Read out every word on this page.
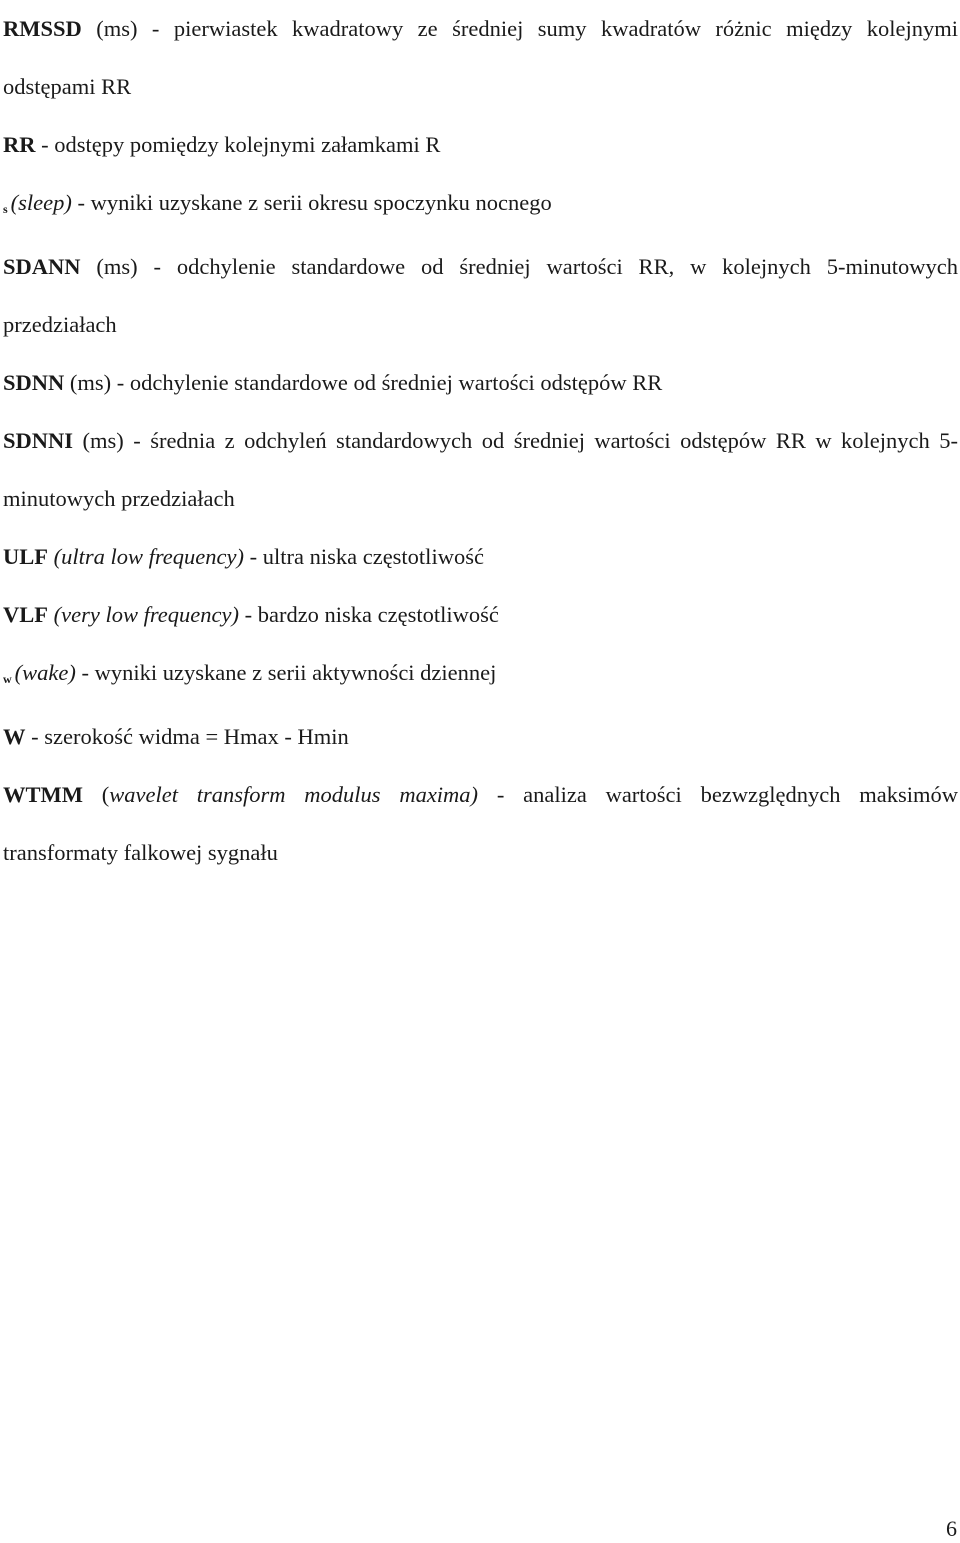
RMSSD (ms) - pierwiastek kwadratowy ze średniej sumy kwadratów różnic między kolejnymi odstępami RR
RR - odstępy pomiędzy kolejnymi załamkami R
$_s$ (sleep) - wyniki uzyskane z serii okresu spoczynku nocnego
SDANN (ms) - odchylenie standardowe od średniej wartości RR, w kolejnych 5-minutowych przedziałach
SDNN (ms) - odchylenie standardowe od średniej wartości odstępów RR
SDNNI (ms) - średnia z odchyleń standardowych od średniej wartości odstępów RR w kolejnych 5-minutowych przedziałach
ULF (ultra low frequency) - ultra niska częstotliwość
VLF (very low frequency) - bardzo niska częstotliwość
$_w$ (wake) - wyniki uzyskane z serii aktywności dziennej
W - szerokość widma = Hmax - Hmin
WTMM (wavelet transform modulus maxima) - analiza wartości bezwzględnych maksimów transformaty falkowej sygnału
6
